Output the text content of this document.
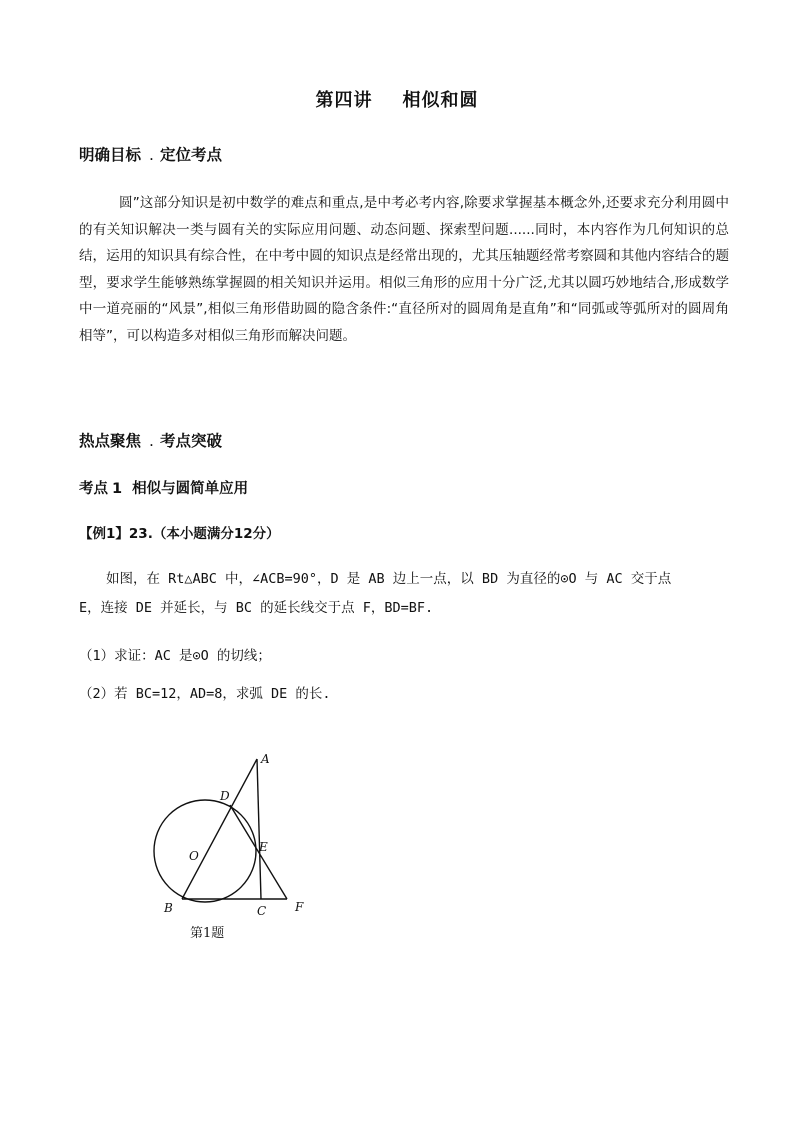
第四讲 相似和圆
明确目标 . 定位考点

圆”这部分知识是初中数学的难点和重点,是中考必考内容,除要求掌握基本概念外,还要求充分利用圆中的有关知识解决一类与圆有关的实际应用问题、动态问题、探索型问题......同时，本内容作为几何知识的总结，运用的知识具有综合性，在中考中圆的知识点是经常出现的，尤其压轴题经常考察圆和其他内容结合的题型，要求学生能够熟练掌握圆的相关知识并运用。相似三角形的应用十分广泛,尤其以圆巧妙地结合,形成数学中一道亮丽的“风景”,相似三角形借助圆的隐含条件:“直径所对的圆周角是直角”和“同弧或等弧所对的圆周角相等”，可以构造多对相似三角形而解决问题。

热点聚焦 . 考点突破
考点 1 相似与圆简单应用
【例1】23.（本小题满分12分）

如图，在 Rt△ABC 中，∠ACB=90°，D 是 AB 边上一点，以 BD 为直径的⊙O 与 AC 交于点

E，连接 DE 并延长，与 BC 的延长线交于点 F，BD=BF.

（1）求证：AC 是⊙O 的切线；
（2）若 BC=12，AD=8，求弧 DE 的长.
A
D
O
E
B	C F
第1题
